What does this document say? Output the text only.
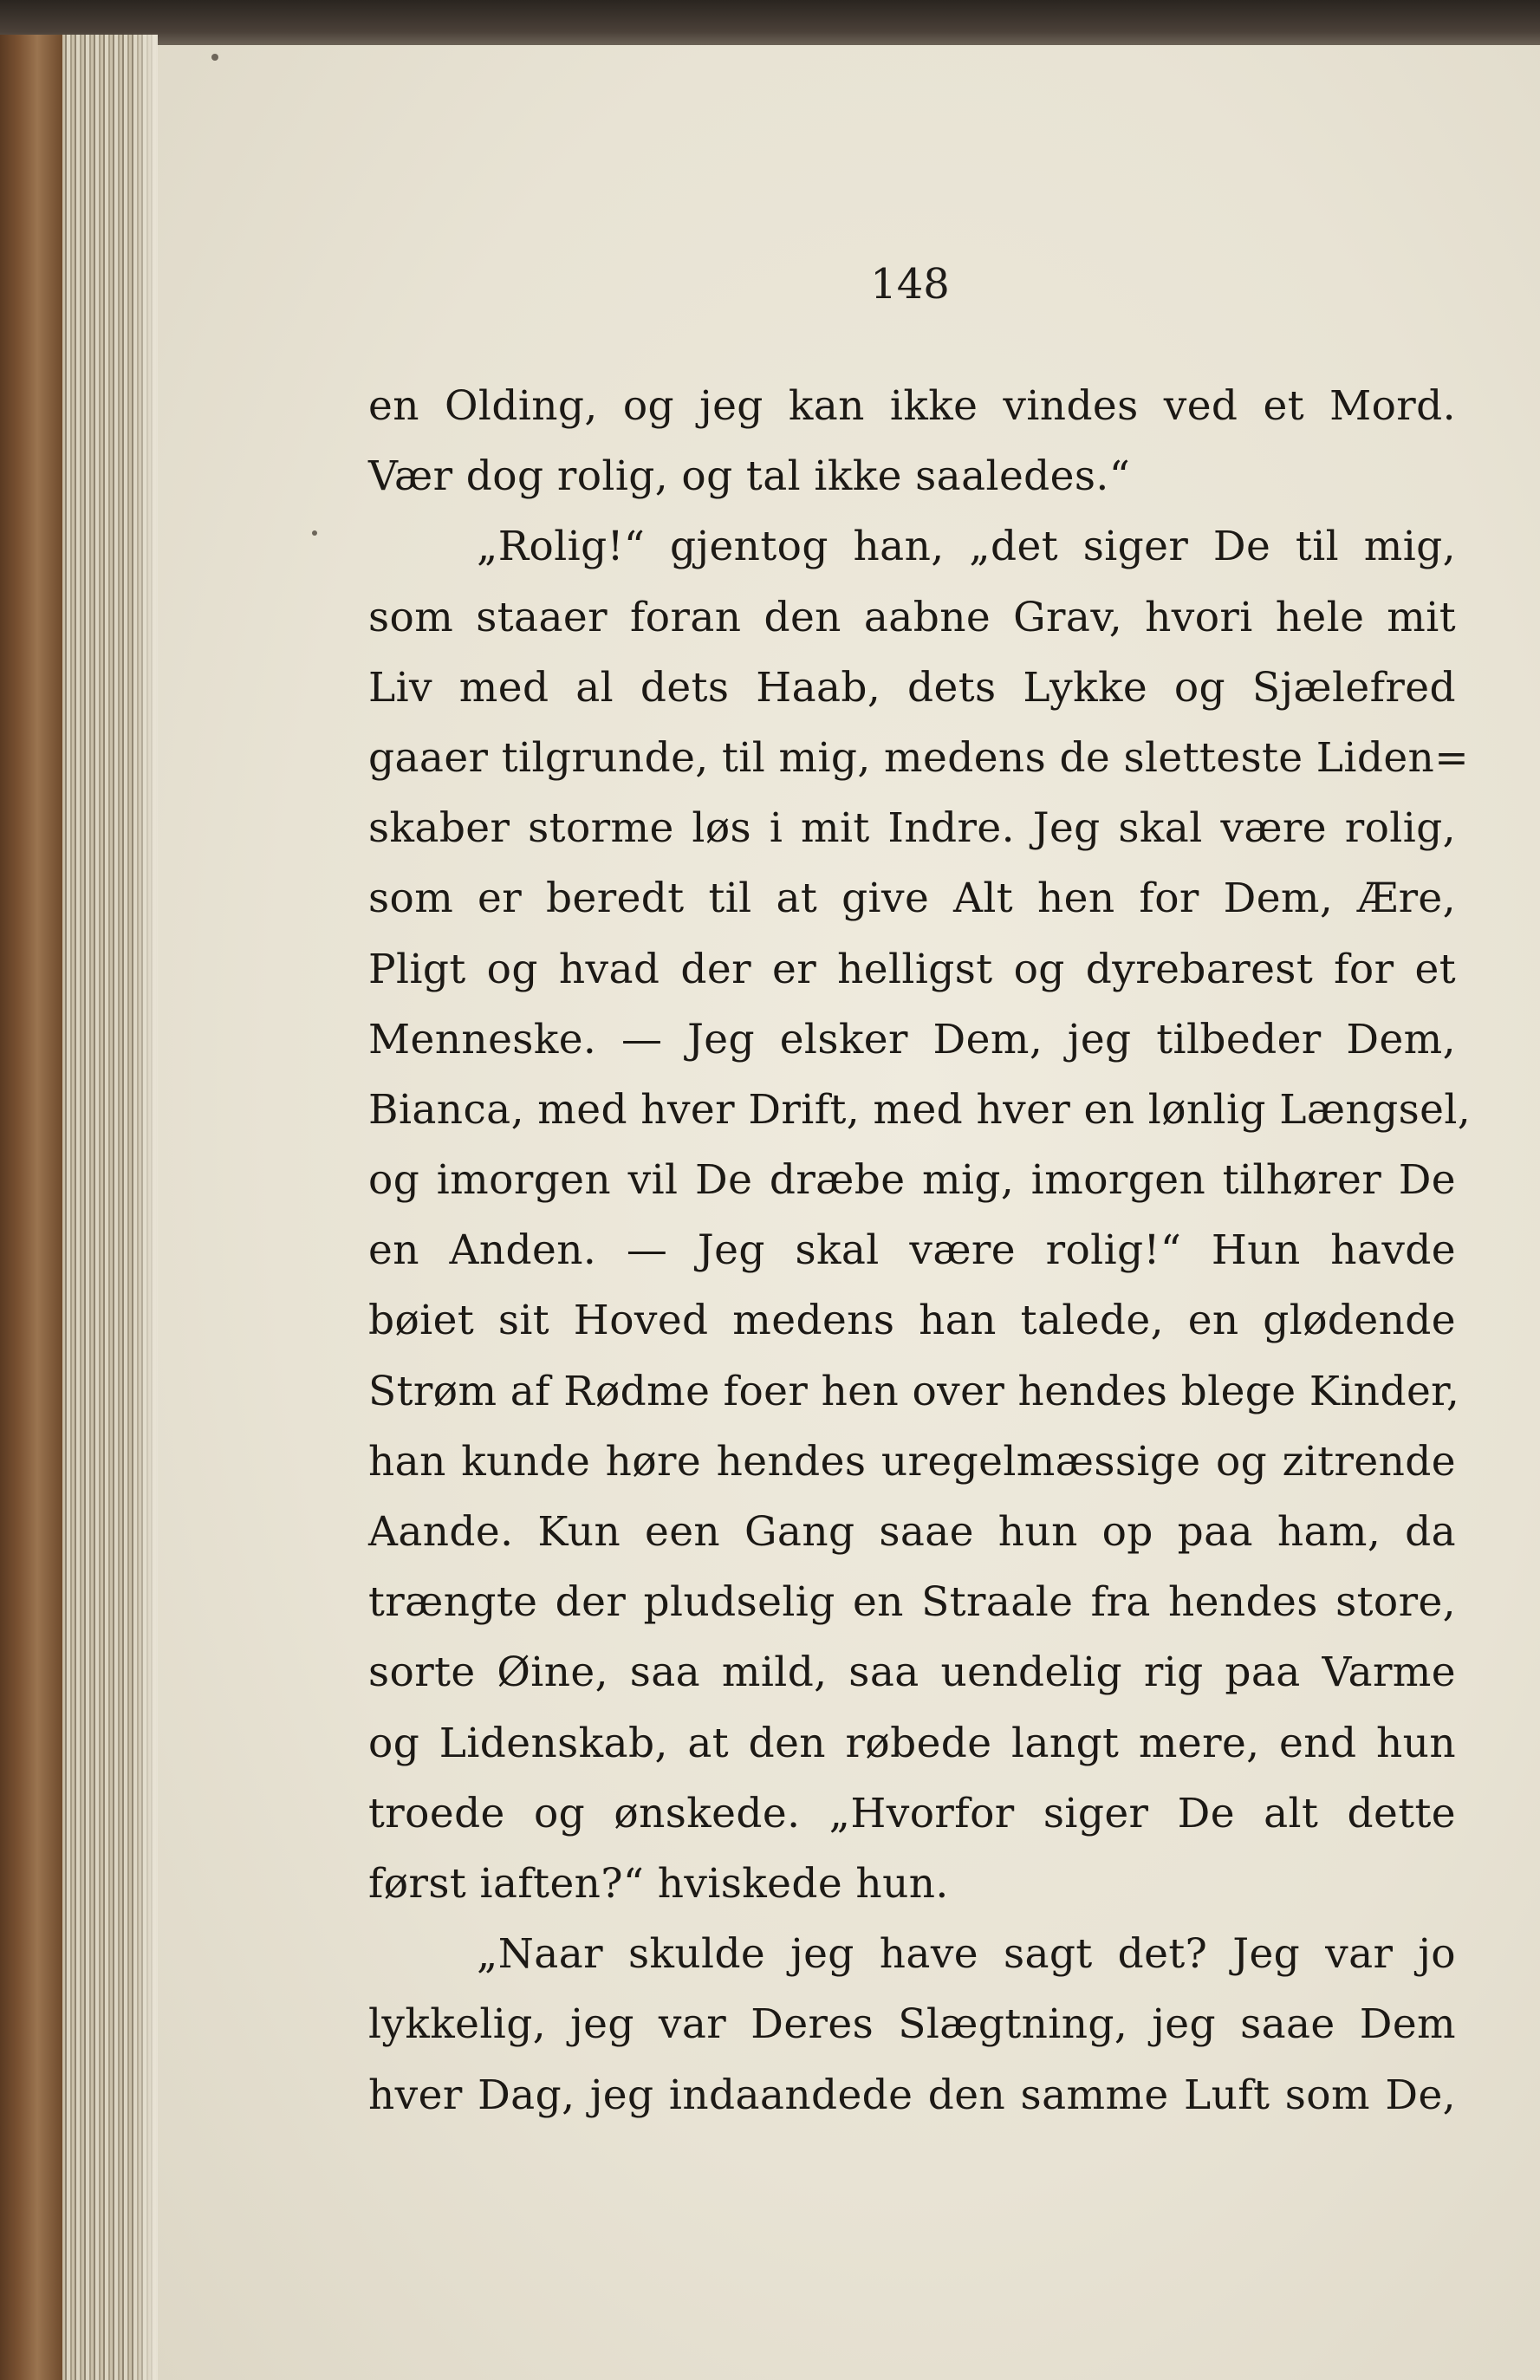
148
en Olding, og jeg kan ikke vindes ved et Mord.
Vær dog rolig, og tal ikke saaledes.“
„Rolig!“ gjentog han, „det siger De til mig,
som staaer foran den aabne Grav, hvori hele mit
Liv med al dets Haab, dets Lykke og Sjælefred
gaaer tilgrunde, til mig, medens de sletteste Liden=
skaber storme løs i mit Indre. Jeg skal være rolig,
som er beredt til at give Alt hen for Dem, Ære,
Pligt og hvad der er helligst og dyrebarest for et
Menneske. — Jeg elsker Dem, jeg tilbeder Dem,
Bianca, med hver Drift, med hver en lønlig Længsel,
og imorgen vil De dræbe mig, imorgen tilhører De
en Anden. — Jeg skal være rolig!“ Hun havde
bøiet sit Hoved medens han talede, en glødende
Strøm af Rødme foer hen over hendes blege Kinder,
han kunde høre hendes uregelmæssige og zitrende
Aande. Kun een Gang saae hun op paa ham, da
trængte der pludselig en Straale fra hendes store,
sorte Øine, saa mild, saa uendelig rig paa Varme
og Lidenskab, at den røbede langt mere, end hun
troede og ønskede. „Hvorfor siger De alt dette
først iaften?“ hviskede hun.
„Naar skulde jeg have sagt det? Jeg var jo
lykkelig, jeg var Deres Slægtning, jeg saae Dem
hver Dag, jeg indaandede den samme Luft som De,
